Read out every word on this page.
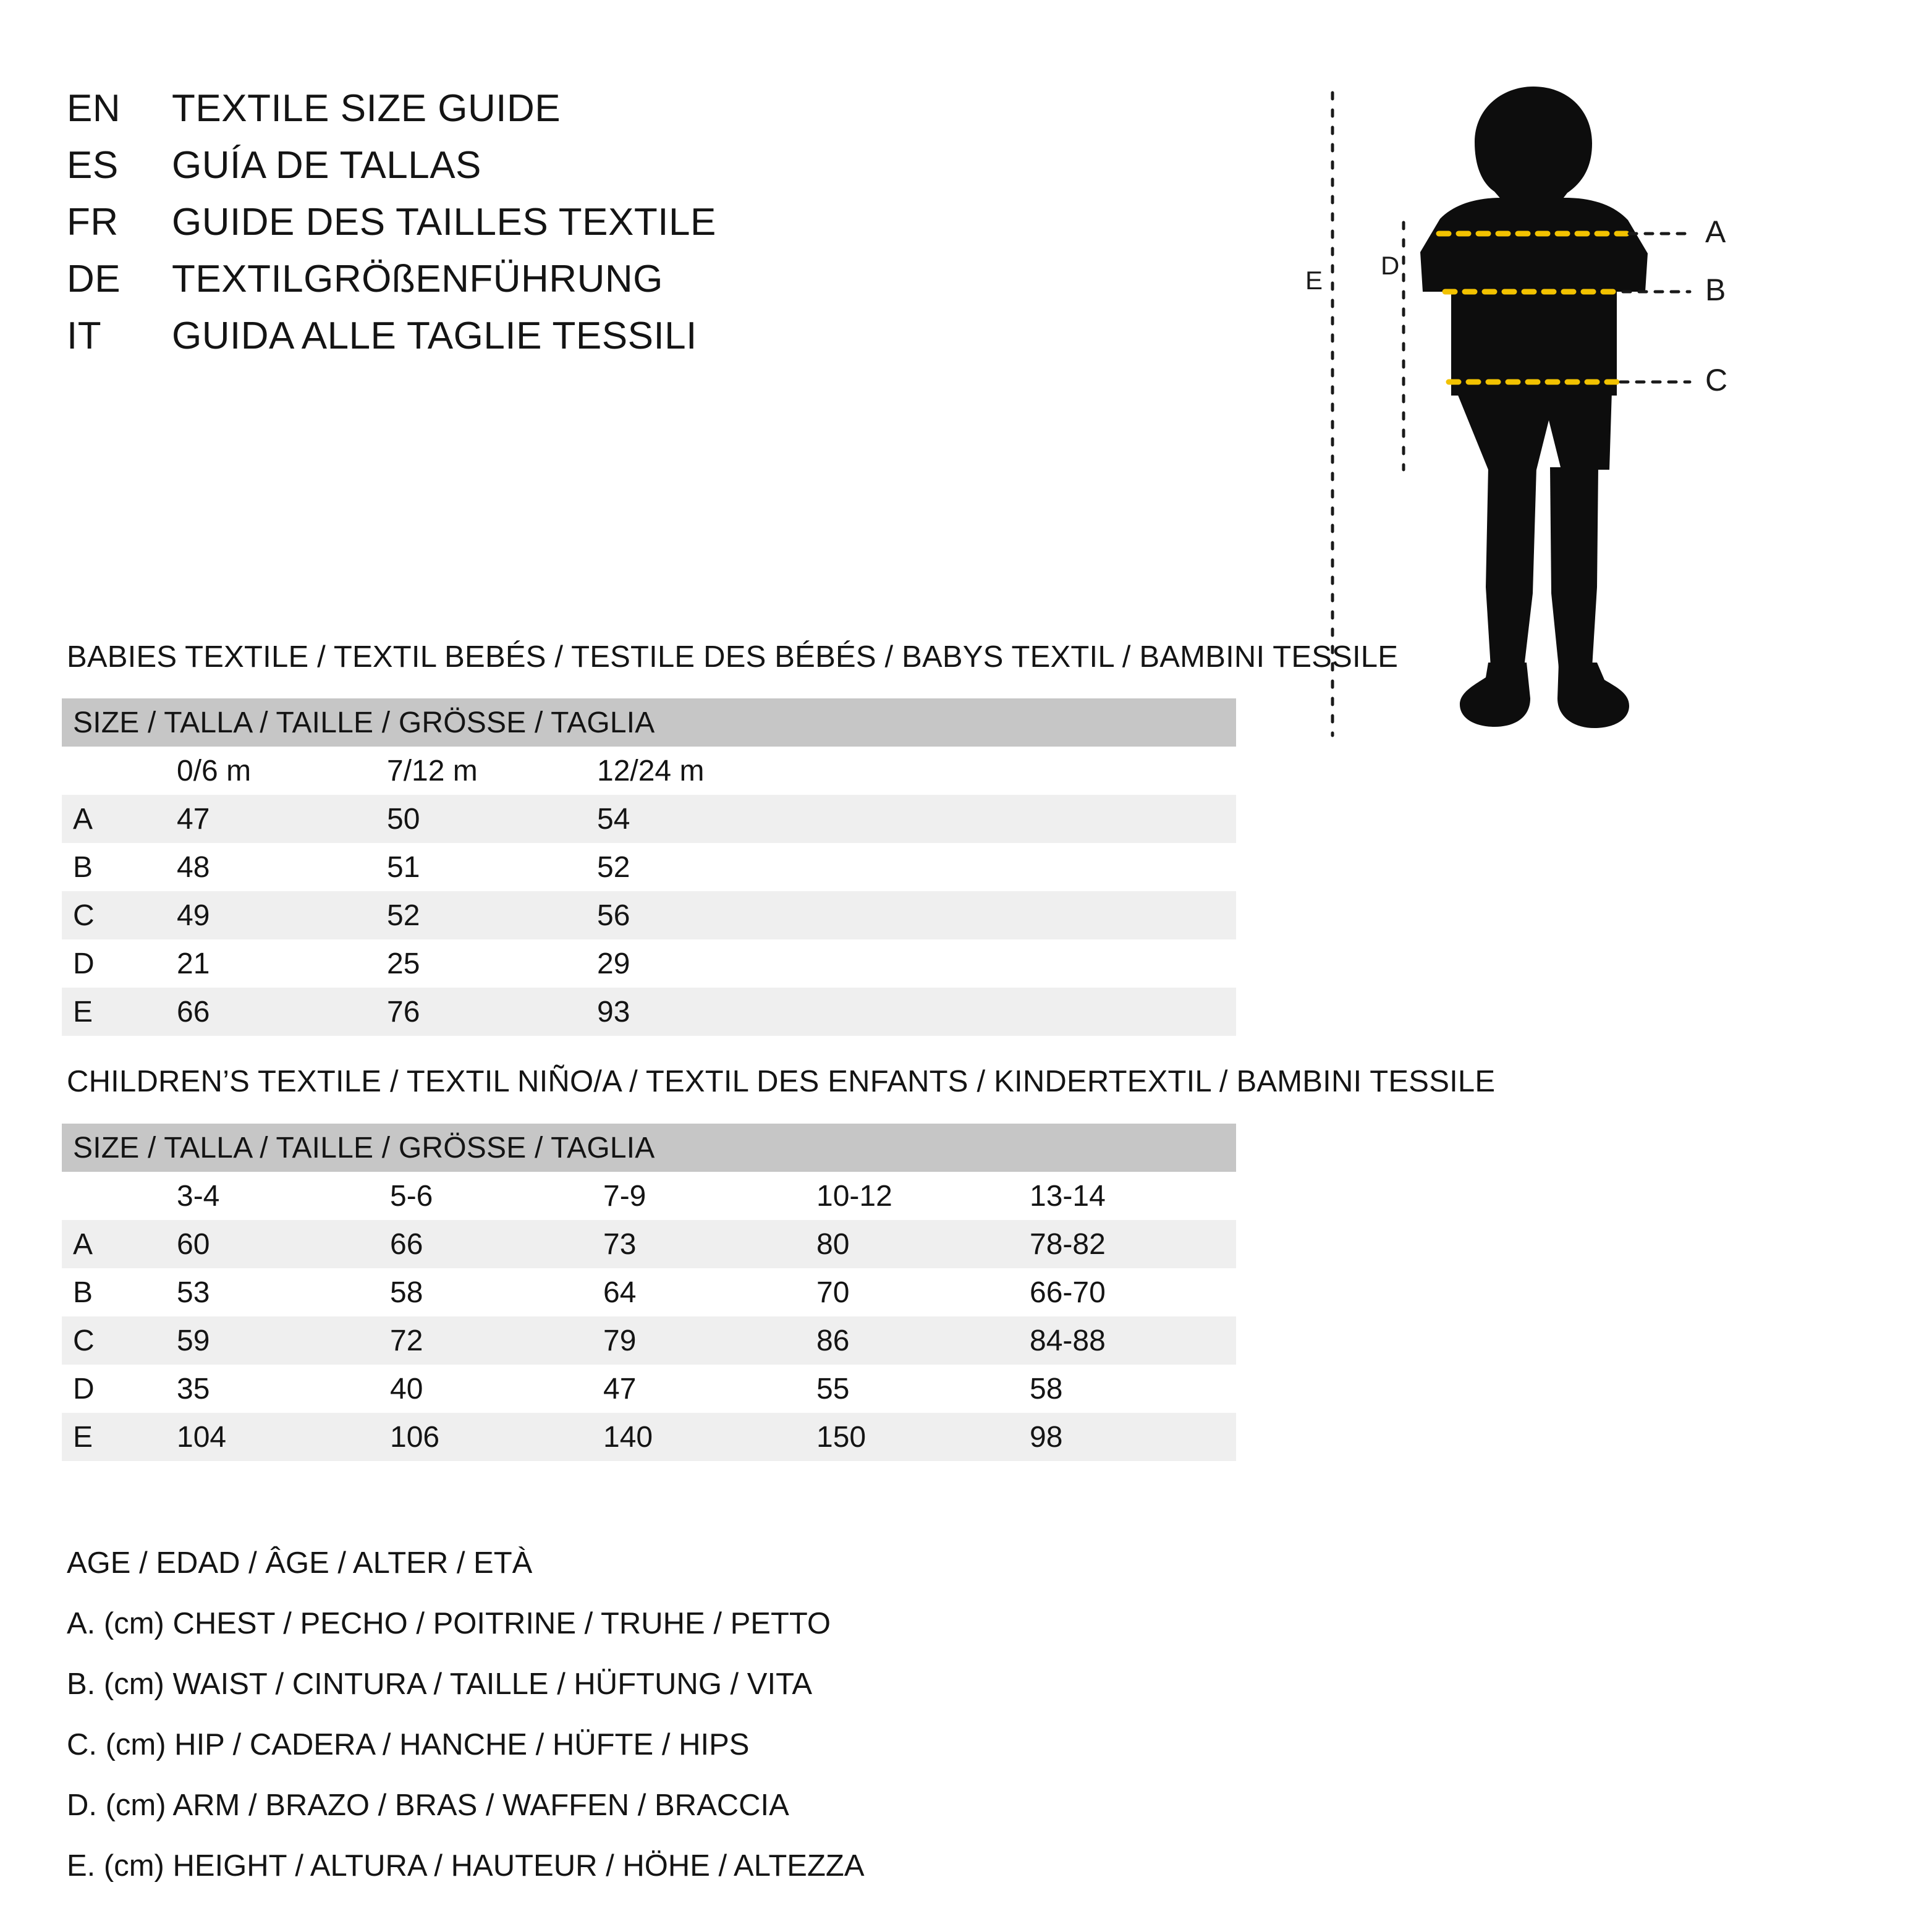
EN	TEXTILE SIZE GUIDE
ES	GUÍA DE TALLAS
FR	GUIDE DES TAILLES TEXTILE
DE	TEXTILGRÖßENFÜHRUNG
IT	GUIDA ALLE TAGLIE TESSILI
A
B
C
D
E
BABIES TEXTILE / TEXTIL BEBÉS / TESTILE DES BÉBÉS / BABYS TEXTIL / BAMBINI TESSILE
SIZE / TALLA / TAILLE / GRÖSSE / TAGLIA			
	0/6 m	7/12 m	12/24 m
A	47	50	54
B	48	51	52
C	49	52	56
D	21	25	29
E	66	76	93
CHILDREN’S TEXTILE / TEXTIL NIÑO/A / TEXTIL DES ENFANTS / KINDERTEXTIL / BAMBINI TESSILE
SIZE / TALLA / TAILLE / GRÖSSE / TAGLIA					
	3-4	5-6	7-9	10-12	13-14
A	60	66	73	80	78-82
B	53	58	64	70	66-70
C	59	72	79	86	84-88
D	35	40	47	55	58
E	104	106	140	150	98
AGE / EDAD / ÂGE / ALTER / ETÀ
A. (cm) CHEST / PECHO / POITRINE / TRUHE / PETTO
B. (cm) WAIST / CINTURA / TAILLE / HÜFTUNG / VITA
C. (cm) HIP / CADERA / HANCHE / HÜFTE / HIPS
D. (cm) ARM / BRAZO / BRAS / WAFFEN / BRACCIA
E. (cm) HEIGHT / ALTURA / HAUTEUR / HÖHE / ALTEZZA
